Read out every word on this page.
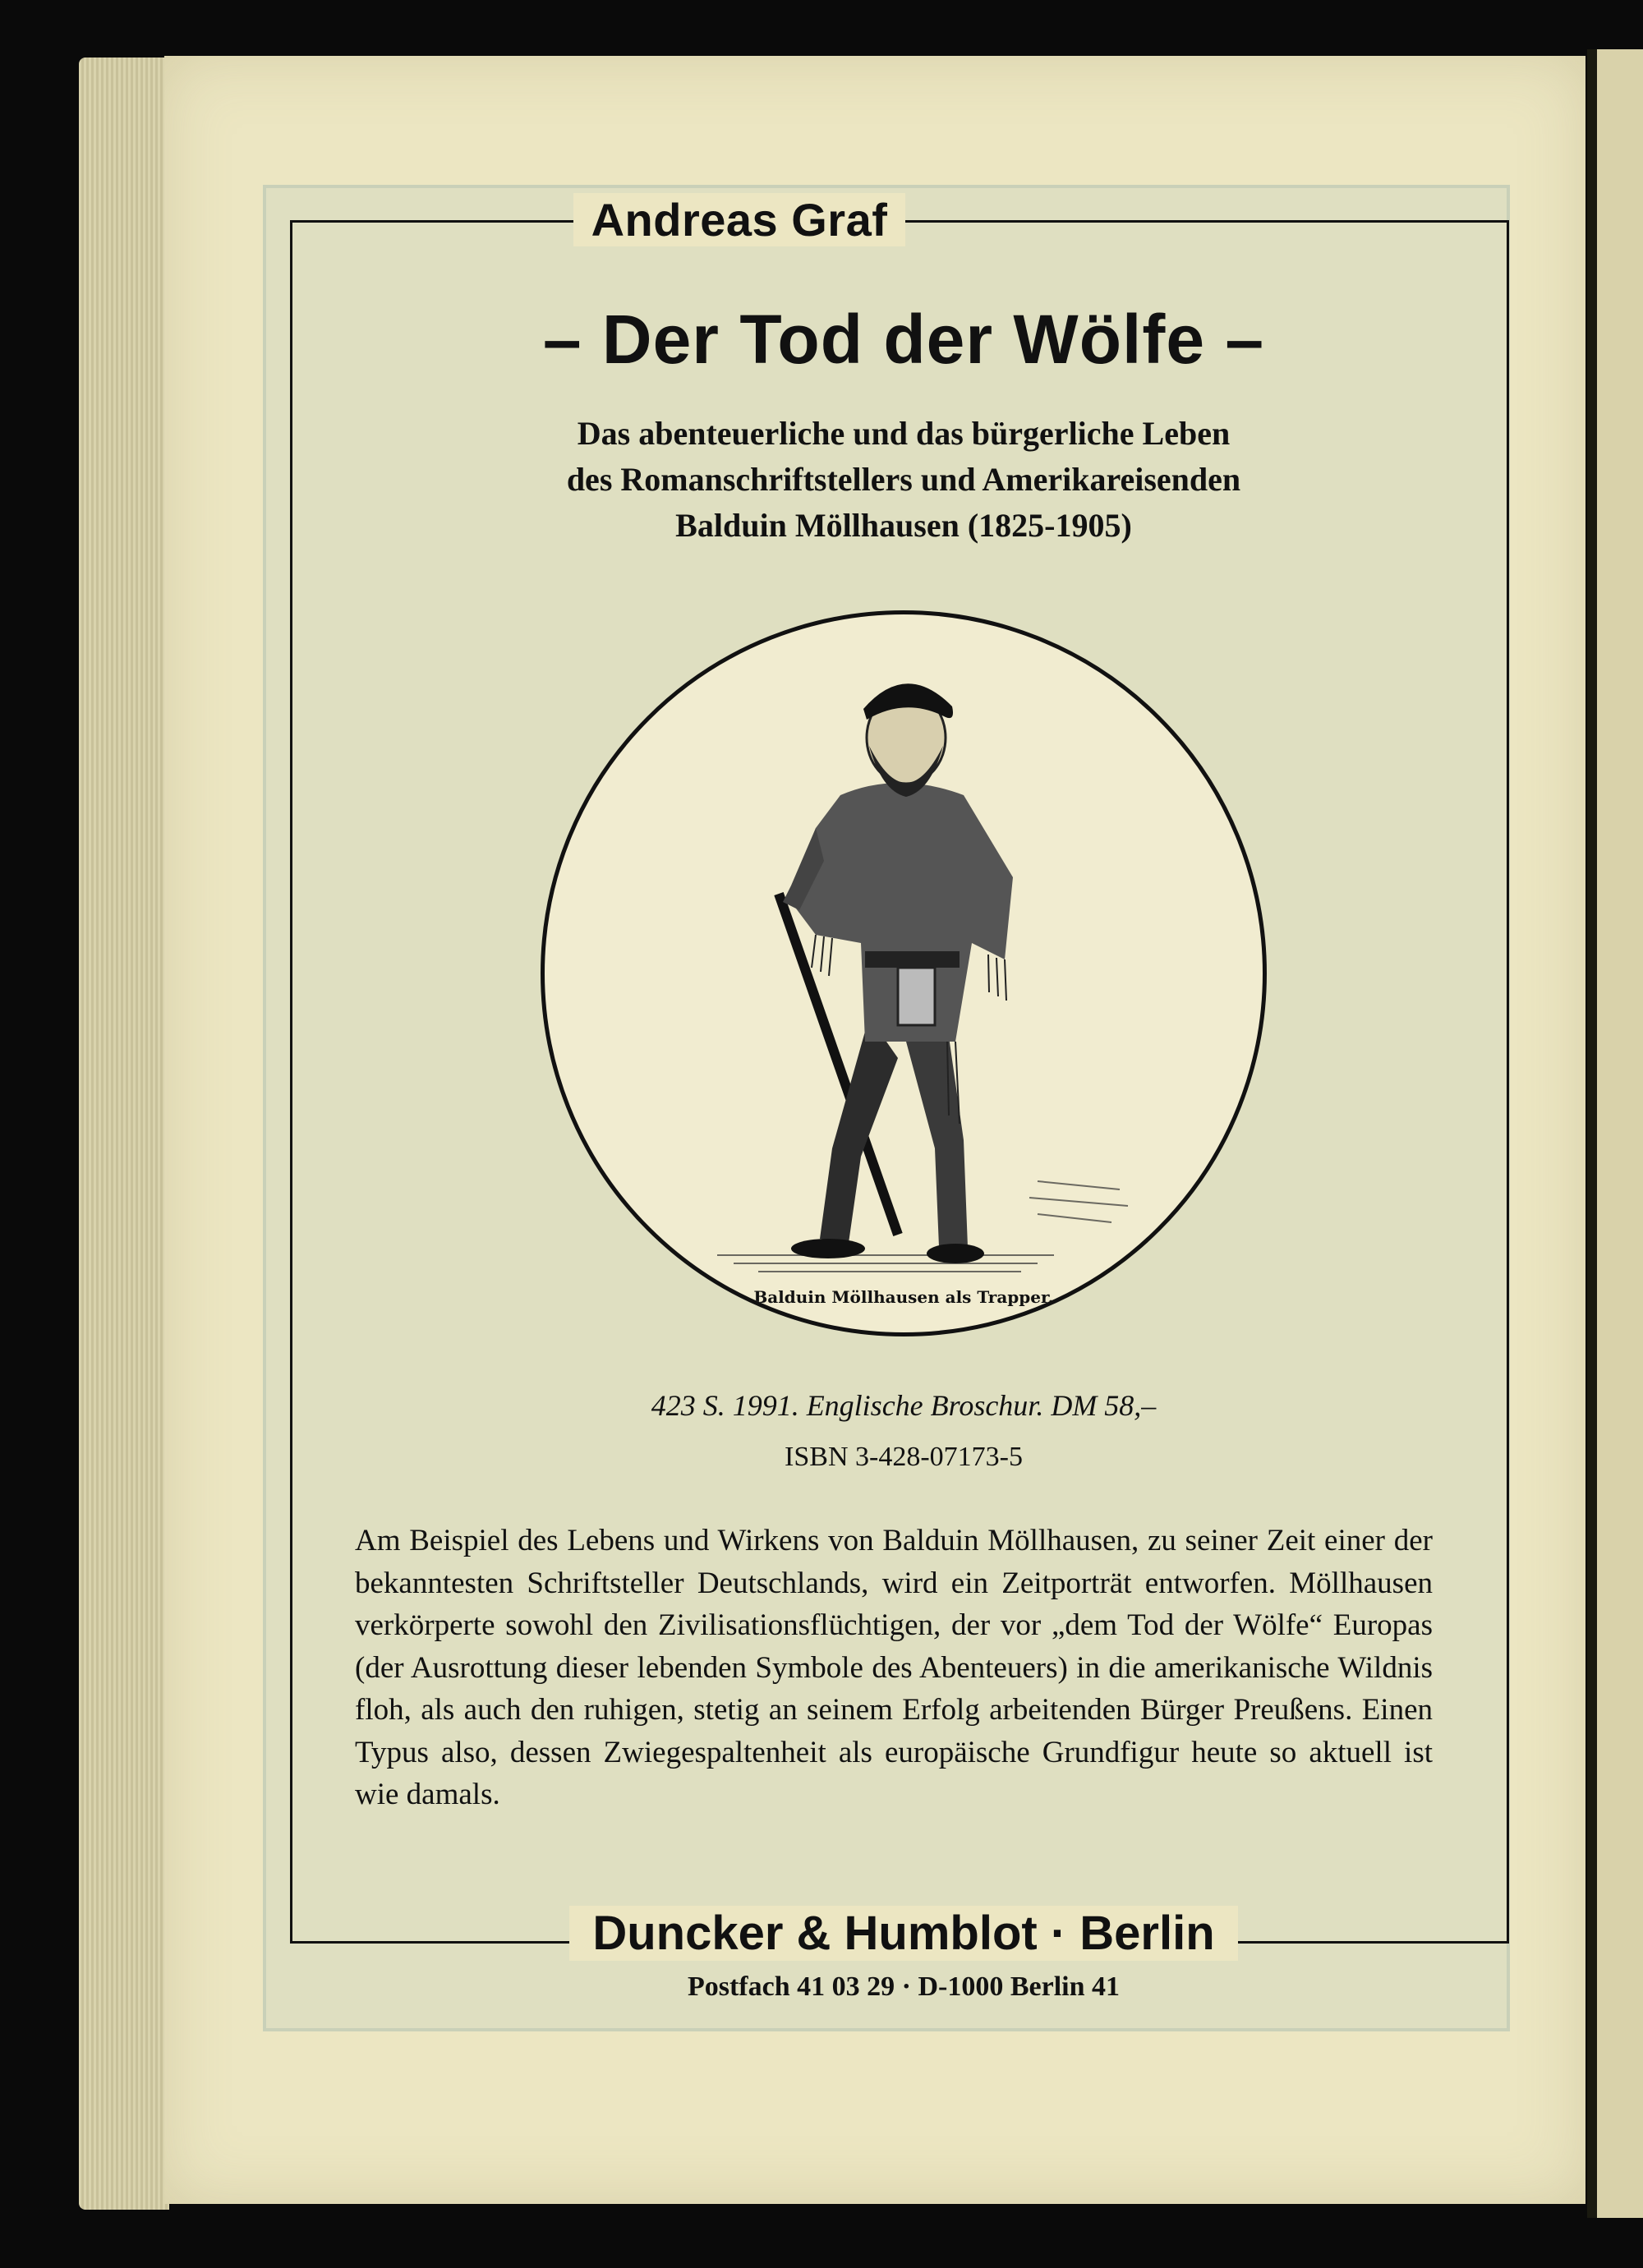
Andreas Graf
– Der Tod der Wölfe –
Das abenteuerliche und das bürgerliche Leben
des Romanschriftstellers und Amerikareisenden
Balduin Möllhausen (1825-1905)
Balduin Möllhausen als Trapper.
423 S. 1991. Englische Broschur. DM 58,–
ISBN 3-428-07173-5
Am Beispiel des Lebens und Wirkens von Balduin Möllhausen, zu seiner Zeit einer der bekanntesten Schriftsteller Deutschlands, wird ein Zeitporträt entworfen. Möllhausen verkörperte sowohl den Zivilisationsflüchtigen, der vor „dem Tod der Wölfe“ Europas (der Ausrottung dieser lebenden Symbole des Abenteuers) in die amerikanische Wildnis floh, als auch den ruhigen, stetig an seinem Erfolg arbeitenden Bürger Preußens. Einen Typus also, dessen Zwiegespaltenheit als europäische Grundfigur heute so aktuell ist wie damals.
Duncker & Humblot · Berlin
Postfach 41 03 29 · D-1000 Berlin 41
